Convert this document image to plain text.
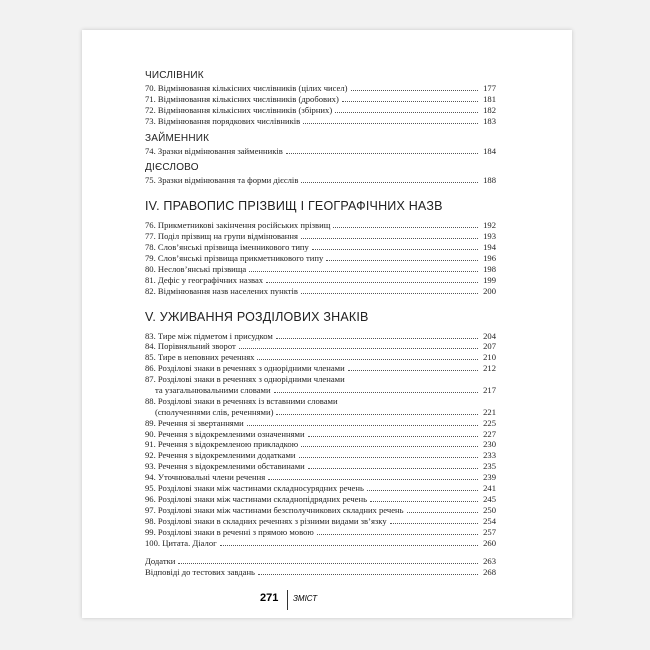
ЧИСЛІВНИК
70. Відмінювання кількісних числівників (цілих чисел)	177
71. Відмінювання кількісних числівників (дробових)	181
72. Відмінювання кількісних числівників (збірних)	182
73. Відмінювання порядкових числівників	183
ЗАЙМЕННИК
74. Зразки відмінювання займенників	184
ДІЄСЛОВО
75. Зразки відмінювання та форми дієслів	188
IV. ПРАВОПИС ПРІЗВИЩ І ГЕОГРАФІЧНИХ НАЗВ
76. Прикметникові закінчення російських прізвищ	192
77. Поділ прізвищ на групи відмінювання	193
78. Слов’янські прізвища іменникового типу	194
79. Слов’янські прізвища прикметникового типу	196
80. Неслов’янські прізвища	198
81. Дефіс у географічних назвах	199
82. Відмінювання назв населених пунктів	200
V. УЖИВАННЯ РОЗДІЛОВИХ ЗНАКІВ
83. Тире між підметом і присудком	204
84. Порівняльний зворот	207
85. Тире в неповних реченнях	210
86. Розділові знаки в реченнях з однорідними членами	212
87. Розділові знаки в реченнях з однорідними членами
та узагальнювальними словами	217
88. Розділові знаки в реченнях із вставними словами
(сполученнями слів, реченнями)	221
89. Речення зі звертаннями	225
90. Речення з відокремленими означеннями	227
91. Речення з відокремленою прикладкою	230
92. Речення з відокремленими додатками	233
93. Речення з відокремленими обставинами	235
94. Уточнювальні члени речення	239
95. Розділові знаки між частинами складносурядних речень	241
96. Розділові знаки між частинами складнопідрядних речень	245
97. Розділові знаки між частинами безсполучникових складних речень	250
98. Розділові знаки в складних реченнях з різними видами зв’язку	254
99. Розділові знаки в реченні з прямою мовою	257
100. Цитата. Діалог	260
Додатки	263
Відповіді до тестових завдань	268
271 ЗМІСТ
